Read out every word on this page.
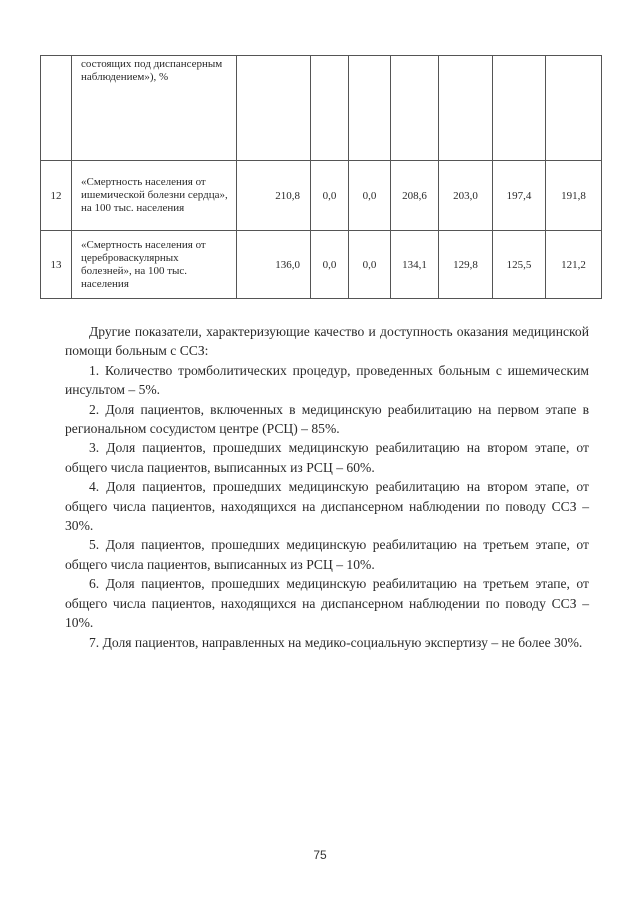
	состоящих под диспансерным наблюдением»), %							
12	«Смертность населения от ишемической болезни сердца», на 100 тыс. населения	210,8	0,0	0,0	208,6	203,0	197,4	191,8
13	«Смертность населения от цереброваскулярных болезней», на 100 тыс. населения	136,0	0,0	0,0	134,1	129,8	125,5	121,2

Другие показатели, характеризующие качество и доступность оказания медицинской помощи больным с ССЗ:

1. Количество тромболитических процедур, проведенных больным с ишемическим инсультом – 5%.

2. Доля пациентов, включенных в медицинскую реабилитацию на первом этапе в региональном сосудистом центре (РСЦ) – 85%.

3. Доля пациентов, прошедших медицинскую реабилитацию на втором этапе, от общего числа пациентов, выписанных из РСЦ – 60%.

4. Доля пациентов, прошедших медицинскую реабилитацию на втором этапе, от общего числа пациентов, находящихся на диспансерном наблюдении по поводу ССЗ – 30%.

5. Доля пациентов, прошедших медицинскую реабилитацию на третьем этапе, от общего числа пациентов, выписанных из РСЦ – 10%.

6. Доля пациентов, прошедших медицинскую реабилитацию на третьем этапе, от общего числа пациентов, находящихся на диспансерном наблюдении по поводу ССЗ – 10%.

7. Доля пациентов, направленных на медико-социальную экспертизу – не более 30%.

75
